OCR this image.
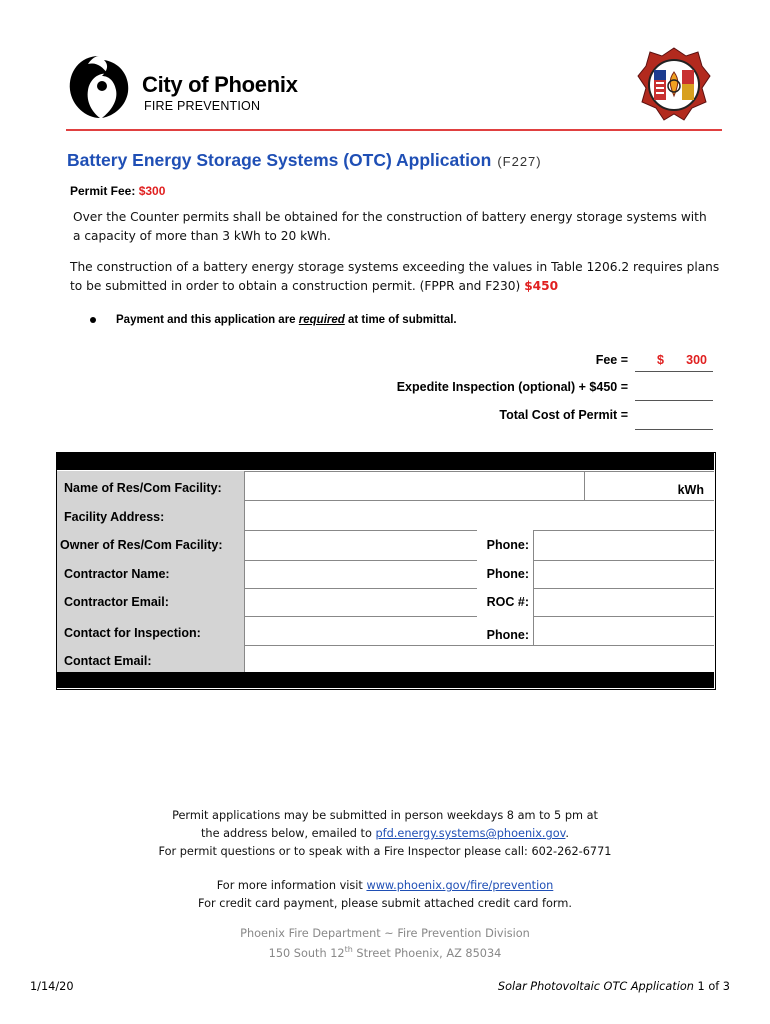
City of Phoenix
FIRE PREVENTION
Battery Energy Storage Systems (OTC) Application (F227)
Permit Fee: $300
Over the Counter permits shall be obtained for the construction of battery energy storage systems with a capacity of more than 3 kWh to 20 kWh.
The construction of a battery energy storage systems exceeding the values in Table 1206.2 requires plans to be submitted in order to obtain a construction permit. (FPPR and F230) $450
Payment and this application are required at time of submittal.
Fee = $ 300
Expedite Inspection (optional) + $450 =
Total Cost of Permit =
Name of Res/Com Facility:	kWh
Facility Address:
Owner of Res/Com Facility:	Phone:
Contractor Name:	Phone:
Contractor Email:	ROC #:
Contact for Inspection:	Phone:
Contact Email:
Permit applications may be submitted in person weekdays 8 am to 5 pm at
the address below, emailed to pfd.energy.systems@phoenix.gov.
For permit questions or to speak with a Fire Inspector please call: 602-262-6771
For more information visit www.phoenix.gov/fire/prevention
For credit card payment, please submit attached credit card form.
Phoenix Fire Department ~ Fire Prevention Division
150 South 12th Street Phoenix, AZ 85034
1/14/20	Solar Photovoltaic OTC Application 1 of 3
